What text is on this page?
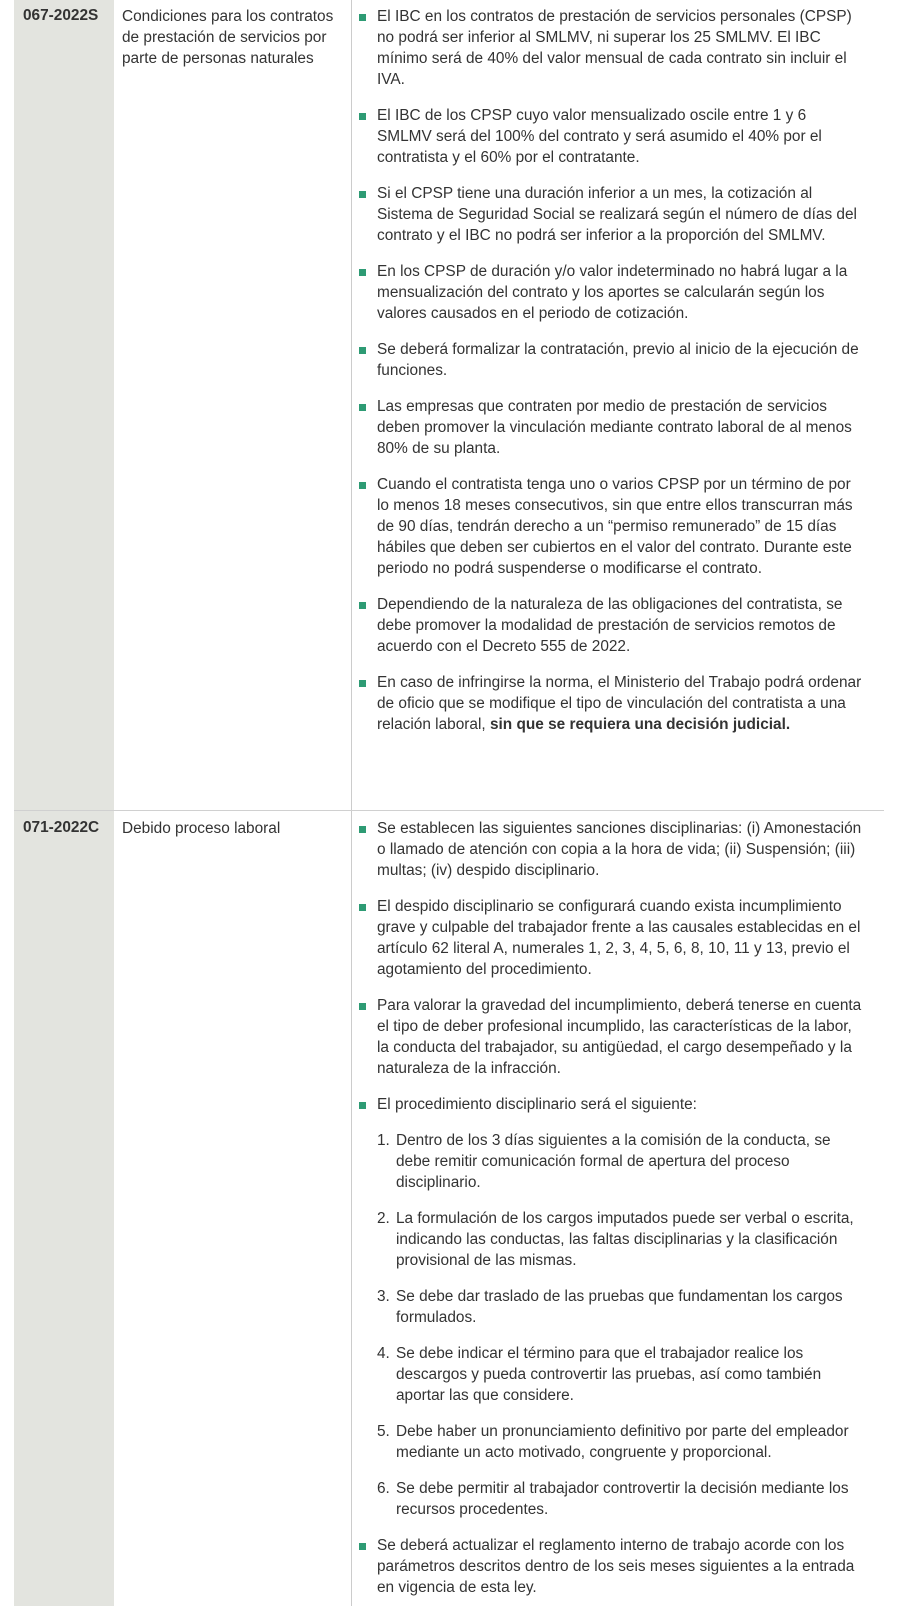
067-2022S Condiciones para los contratos de prestación de servicios por parte de personas naturales
El IBC en los contratos de prestación de servicios personales (CPSP) no podrá ser inferior al SMLMV, ni superar los 25 SMLMV. El IBC mínimo será de 40% del valor mensual de cada contrato sin incluir el IVA.
El IBC de los CPSP cuyo valor mensualizado oscile entre 1 y 6 SMLMV será del 100% del contrato y será asumido el 40% por el contratista y el 60% por el contratante.
Si el CPSP tiene una duración inferior a un mes, la cotización al Sistema de Seguridad Social se realizará según el número de días del contrato y el IBC no podrá ser inferior a la proporción del SMLMV.
En los CPSP de duración y/o valor indeterminado no habrá lugar a la mensualización del contrato y los aportes se calcularán según los valores causados en el periodo de cotización.
Se deberá formalizar la contratación, previo al inicio de la ejecución de funciones.
Las empresas que contraten por medio de prestación de servicios deben promover la vinculación mediante contrato laboral de al menos 80% de su planta.
Cuando el contratista tenga uno o varios CPSP por un término de por lo menos 18 meses consecutivos, sin que entre ellos transcurran más de 90 días, tendrán derecho a un “permiso remunerado” de 15 días hábiles que deben ser cubiertos en el valor del contrato. Durante este periodo no podrá suspenderse o modificarse el contrato.
Dependiendo de la naturaleza de las obligaciones del contratista, se debe promover la modalidad de prestación de servicios remotos de acuerdo con el Decreto 555 de 2022.
En caso de infringirse la norma, el Ministerio del Trabajo podrá ordenar de oficio que se modifique el tipo de vinculación del contratista a una relación laboral, sin que se requiera una decisión judicial.
071-2022C Debido proceso laboral	Se establecen las siguientes sanciones disciplinarias: (i) Amonestación o llamado de atención con copia a la hora de vida; (ii) Suspensión; (iii) multas; (iv) despido disciplinario.
El despido disciplinario se configurará cuando exista incumplimiento grave y culpable del trabajador frente a las causales establecidas en el artículo 62 literal A, numerales 1, 2, 3, 4, 5, 6, 8, 10, 11 y 13, previo el agotamiento del procedimiento.
Para valorar la gravedad del incumplimiento, deberá tenerse en cuenta el tipo de deber profesional incumplido, las características de la labor, la conducta del trabajador, su antigüedad, el cargo desempeñado y la naturaleza de la infracción.
El procedimiento disciplinario será el siguiente:
1. Dentro de los 3 días siguientes a la comisión de la conducta, se debe remitir comunicación formal de apertura del proceso disciplinario.
2. La formulación de los cargos imputados puede ser verbal o escrita, indicando las conductas, las faltas disciplinarias y la clasificación provisional de las mismas.
3. Se debe dar traslado de las pruebas que fundamentan los cargos formulados.
4. Se debe indicar el término para que el trabajador realice los descargos y pueda controvertir las pruebas, así como también aportar las que considere.
5. Debe haber un pronunciamiento definitivo por parte del empleador mediante un acto motivado, congruente y proporcional.
6. Se debe permitir al trabajador controvertir la decisión mediante los recursos procedentes.
Se deberá actualizar el reglamento interno de trabajo acorde con los parámetros descritos dentro de los seis meses siguientes a la entrada en vigencia de esta ley.
